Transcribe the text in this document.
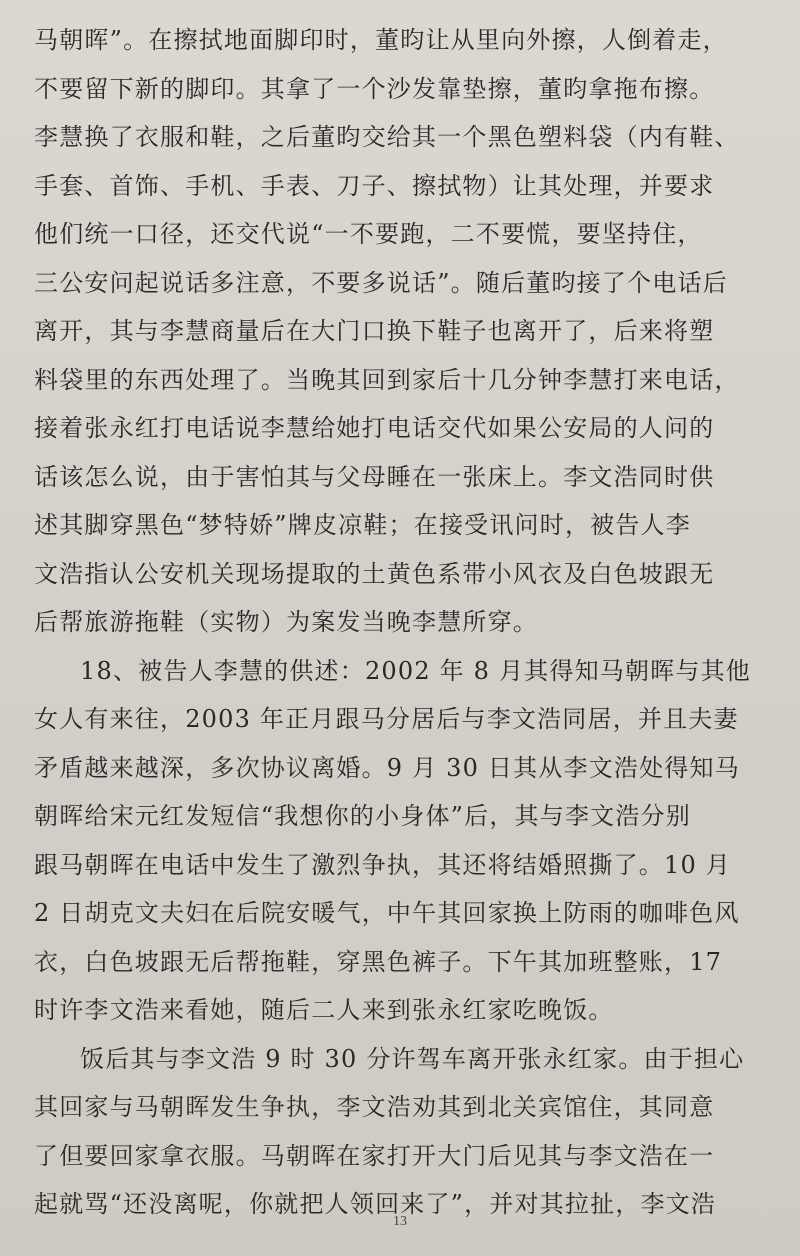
马朝晖”。在擦拭地面脚印时，董昀让从里向外擦，人倒着走，
不要留下新的脚印。其拿了一个沙发靠垫擦，董昀拿拖布擦。
李慧换了衣服和鞋，之后董昀交给其一个黑色塑料袋（内有鞋、
手套、首饰、手机、手表、刀子、擦拭物）让其处理，并要求
他们统一口径，还交代说“一不要跑，二不要慌，要坚持住，
三公安问起说话多注意，不要多说话”。随后董昀接了个电话后
离开，其与李慧商量后在大门口换下鞋子也离开了，后来将塑
料袋里的东西处理了。当晚其回到家后十几分钟李慧打来电话，
接着张永红打电话说李慧给她打电话交代如果公安局的人问的
话该怎么说，由于害怕其与父母睡在一张床上。李文浩同时供
述其脚穿黑色“梦特娇”牌皮凉鞋；在接受讯问时，被告人李
文浩指认公安机关现场提取的土黄色系带小风衣及白色坡跟无
后帮旅游拖鞋（实物）为案发当晚李慧所穿。
18、被告人李慧的供述：2002 年 8 月其得知马朝晖与其他
女人有来往，2003 年正月跟马分居后与李文浩同居，并且夫妻
矛盾越来越深，多次协议离婚。9 月 30 日其从李文浩处得知马
朝晖给宋元红发短信“我想你的小身体”后，其与李文浩分别
跟马朝晖在电话中发生了激烈争执，其还将结婚照撕了。10 月
2 日胡克文夫妇在后院安暖气，中午其回家换上防雨的咖啡色风
衣，白色坡跟无后帮拖鞋，穿黑色裤子。下午其加班整账，17
时许李文浩来看她，随后二人来到张永红家吃晚饭。
饭后其与李文浩 9 时 30 分许驾车离开张永红家。由于担心
其回家与马朝晖发生争执，李文浩劝其到北关宾馆住，其同意
了但要回家拿衣服。马朝晖在家打开大门后见其与李文浩在一
起就骂“还没离呢，你就把人领回来了”，并对其拉扯，李文浩
13
